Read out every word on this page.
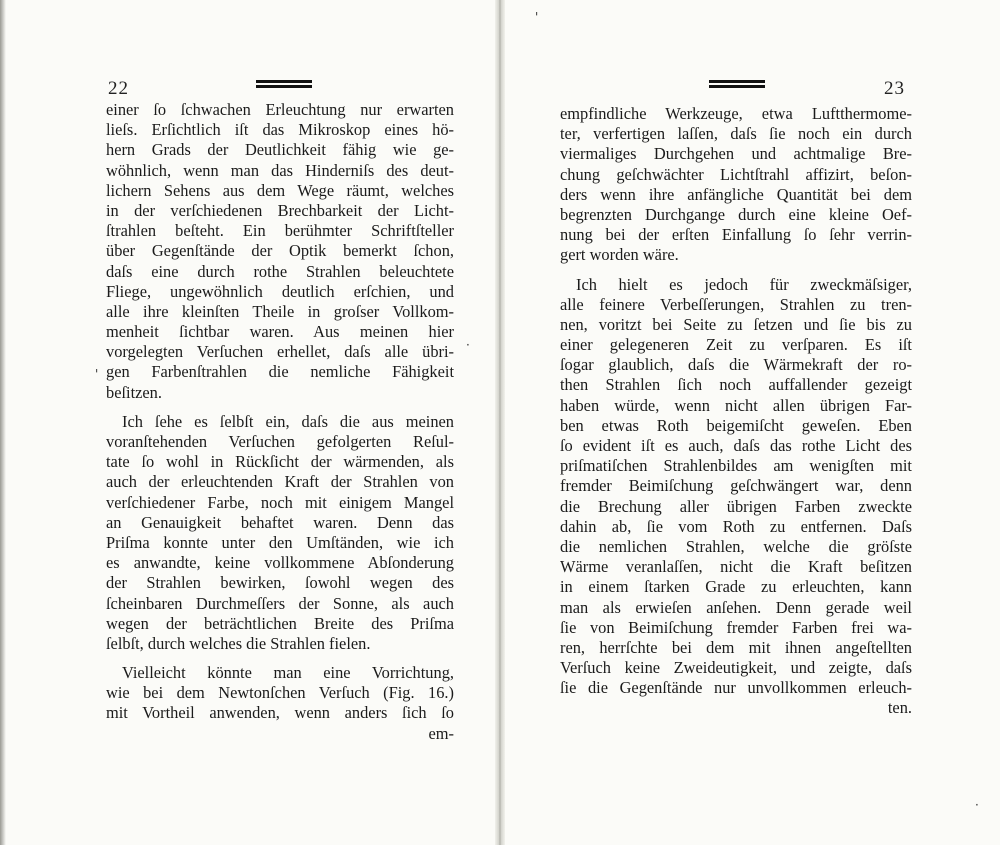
22
einer ſo ſchwachen Erleuchtung nur erwarten
lieſs. Erſichtlich iſt das Mikroskop eines hö-
hern Grads der Deutlichkeit fähig wie ge-
wöhnlich, wenn man das Hinderniſs des deut-
lichern Sehens aus dem Wege räumt, welches
in der verſchiedenen Brechbarkeit der Licht-
ſtrahlen beſteht. Ein berühmter Schriftſteller
über Gegenſtände der Optik bemerkt ſchon,
daſs eine durch rothe Strahlen beleuchtete
Fliege, ungewöhnlich deutlich erſchien, und
alle ihre kleinſten Theile in groſser Vollkom-
menheit ſichtbar waren. Aus meinen hier
vorgelegten Verſuchen erhellet, daſs alle übri-
gen Farbenſtrahlen die nemliche Fähigkeit
beſitzen.
Ich ſehe es ſelbſt ein, daſs die aus meinen
voranſtehenden Verſuchen gefolgerten Reſul-
tate ſo wohl in Rückſicht der wärmenden, als
auch der erleuchtenden Kraft der Strahlen von
verſchiedener Farbe, noch mit einigem Mangel
an Genauigkeit behaftet waren. Denn das
Priſma konnte unter den Umſtänden, wie ich
es anwandte, keine vollkommene Abſonderung
der Strahlen bewirken, ſowohl wegen des
ſcheinbaren Durchmeſſers der Sonne, als auch
wegen der beträchtlichen Breite des Priſma
ſelbſt, durch welches die Strahlen fielen.
Vielleicht könnte man eine Vorrichtung,
wie bei dem Newtonſchen Verſuch (Fig. 16.)
mit Vortheil anwenden, wenn anders ſich ſo
em-
23
empfindliche Werkzeuge, etwa Luftthermome-
ter, verfertigen laſſen, daſs ſie noch ein durch
viermaliges Durchgehen und achtmalige Bre-
chung geſchwächter Lichtſtrahl affizirt, beſon-
ders wenn ihre anfängliche Quantität bei dem
begrenzten Durchgange durch eine kleine Oef-
nung bei der erſten Einfallung ſo ſehr verrin-
gert worden wäre.
Ich hielt es jedoch für zweckmäſsiger,
alle feinere Verbeſſerungen, Strahlen zu tren-
nen, voritzt bei Seite zu ſetzen und ſie bis zu
einer gelegeneren Zeit zu verſparen. Es iſt
ſogar glaublich, daſs die Wärmekraft der ro-
then Strahlen ſich noch auffallender gezeigt
haben würde, wenn nicht allen übrigen Far-
ben etwas Roth beigemiſcht geweſen. Eben
ſo evident iſt es auch, daſs das rothe Licht des
priſmatiſchen Strahlenbildes am wenigſten mit
fremder Beimiſchung geſchwängert war, denn
die Brechung aller übrigen Farben zweckte
dahin ab, ſie vom Roth zu entfernen. Daſs
die nemlichen Strahlen, welche die gröſste
Wärme veranlaſſen, nicht die Kraft beſitzen
in einem ſtarken Grade zu erleuchten, kann
man als erwieſen anſehen. Denn gerade weil
ſie von Beimiſchung fremder Farben frei wa-
ren, herrſchte bei dem mit ihnen angeſtellten
Verſuch keine Zweideutigkeit, und zeigte, daſs
ſie die Gegenſtände nur unvollkommen erleuch-
ten.
·
'
'
·
